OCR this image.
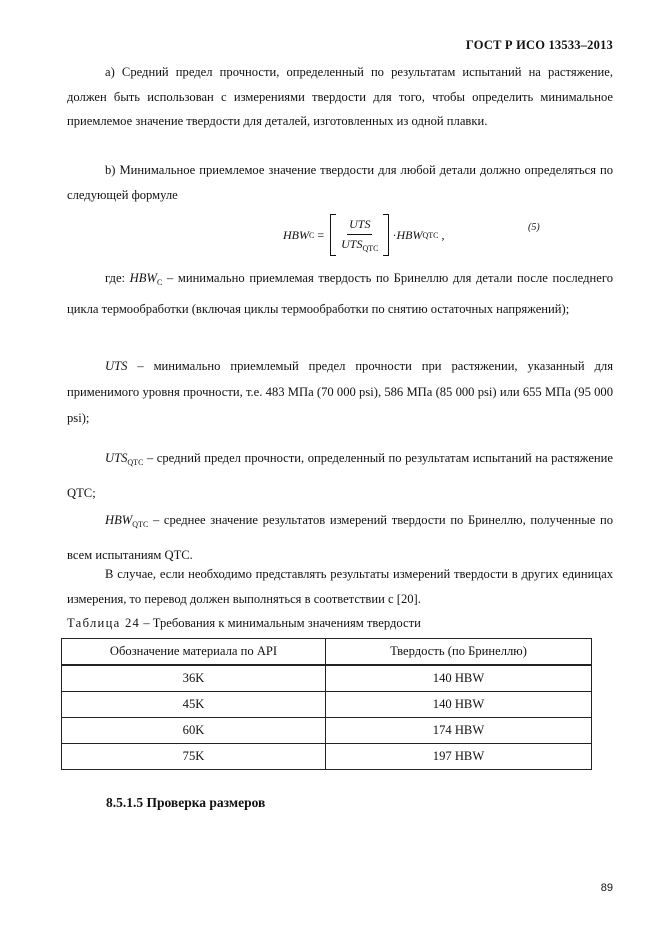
ГОСТ Р ИСО 13533–2013

a) Средний предел прочности, определенный по результатам испытаний на растяжение, должен быть использован с измерениями твердости для того, чтобы определить минимальное приемлемое значение твердости для деталей, изготовленных из одной плавки.

b) Минимальное приемлемое значение твердости для любой детали должно определяться по следующей формуле

HBW $C = \frac{\text{UTS}}{UTS_{QTC}}$ · HBW QTC ,	(5)

где: $HBW_C$ – минимально приемлемая твердость по Бринеллю для детали после последнего цикла термообработки (включая циклы термообработки по снятию остаточных напряжений);

UTS – минимально приемлемый предел прочности при растяжении, указанный для применимого уровня прочности, т.е. 483 МПа (70 000 psi), 586 МПа (85 000 psi) или 655 МПа (95 000 psi);

$UTS_{QTC}$ – средний предел прочности, определенный по результатам испытаний на растяжение QTC;

$HBW_{QTC}$ – среднее значение результатов измерений твердости по Бринеллю, полученные по всем испытаниям QTC.

В случае, если необходимо представлять результаты измерений твердости в других единицах измерения, то перевод должен выполняться в соответствии с [20].

Таблица 24 – Требования к минимальным значениям твердости
Обозначение материала по API	Твердость (по Бринеллю)
36K	140 HBW
45K	140 HBW
60K	174 HBW
75K	197 HBW
8.5.1.5 Проверка размеров
89
